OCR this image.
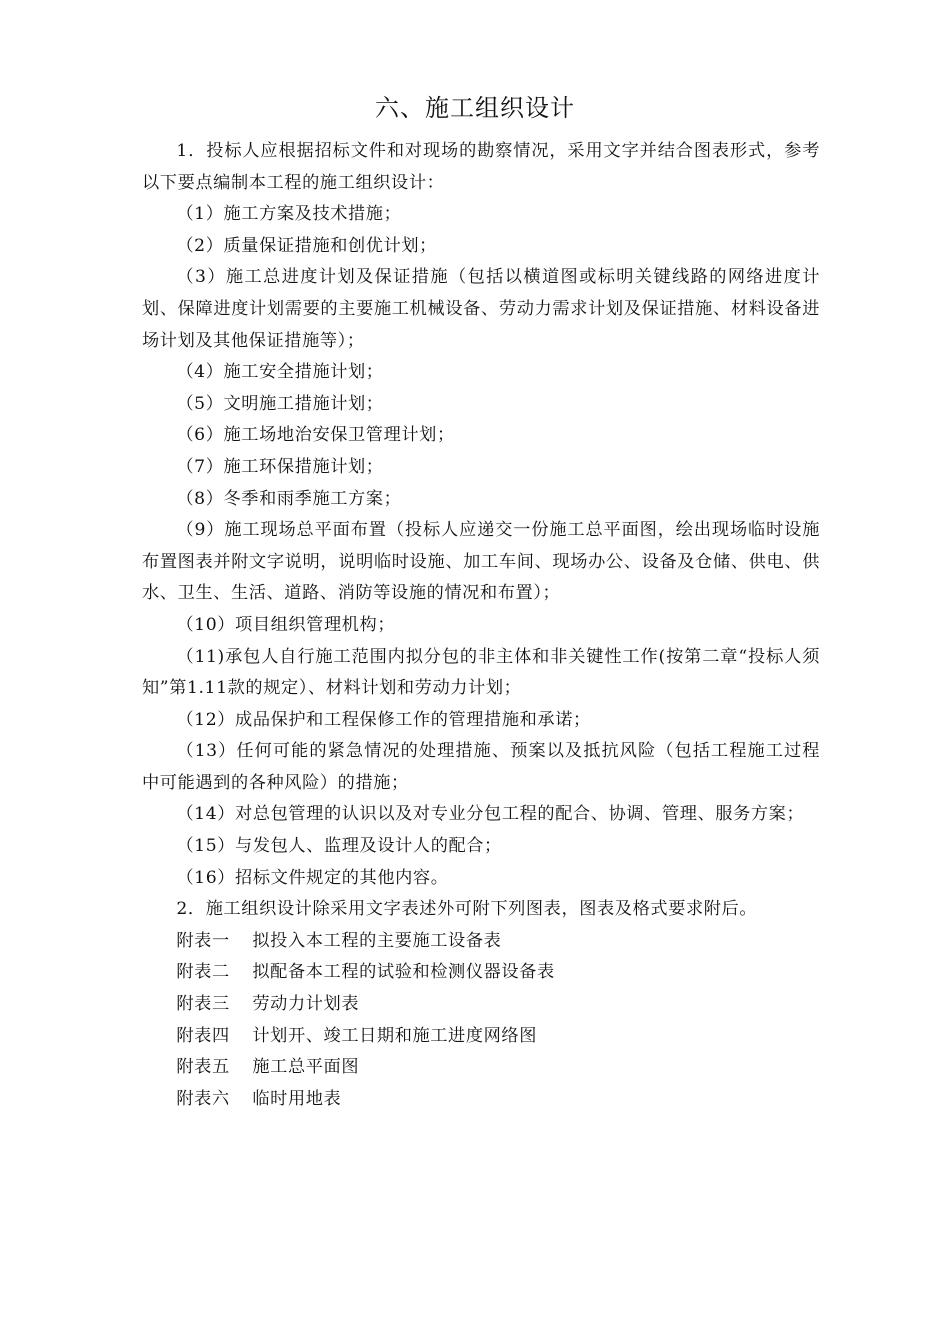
六、施工组织设计

1．投标人应根据招标文件和对现场的勘察情况，采用文字并结合图表形式，参考以下要点编制本工程的施工组织设计：

（1）施工方案及技术措施；

（2）质量保证措施和创优计划；

（3）施工总进度计划及保证措施（包括以横道图或标明关键线路的网络进度计划、保障进度计划需要的主要施工机械设备、劳动力需求计划及保证措施、材料设备进场计划及其他保证措施等）；

（4）施工安全措施计划；

（5）文明施工措施计划；

（6）施工场地治安保卫管理计划；

（7）施工环保措施计划；

（8）冬季和雨季施工方案；

（9）施工现场总平面布置（投标人应递交一份施工总平面图，绘出现场临时设施布置图表并附文字说明，说明临时设施、加工车间、现场办公、设备及仓储、供电、供水、卫生、生活、道路、消防等设施的情况和布置）；

（10）项目组织管理机构；

（11)承包人自行施工范围内拟分包的非主体和非关键性工作(按第二章“投标人须知”第1.11款的规定）、材料计划和劳动力计划；

（12）成品保护和工程保修工作的管理措施和承诺；

（13）任何可能的紧急情况的处理措施、预案以及抵抗风险（包括工程施工过程中可能遇到的各种风险）的措施；

（14）对总包管理的认识以及对专业分包工程的配合、协调、管理、服务方案；

（15）与发包人、监理及设计人的配合；

（16）招标文件规定的其他内容。

2．施工组织设计除采用文字表述外可附下列图表，图表及格式要求附后。

附表一 拟投入本工程的主要施工设备表

附表二 拟配备本工程的试验和检测仪器设备表

附表三 劳动力计划表

附表四 计划开、竣工日期和施工进度网络图

附表五 施工总平面图

附表六 临时用地表
